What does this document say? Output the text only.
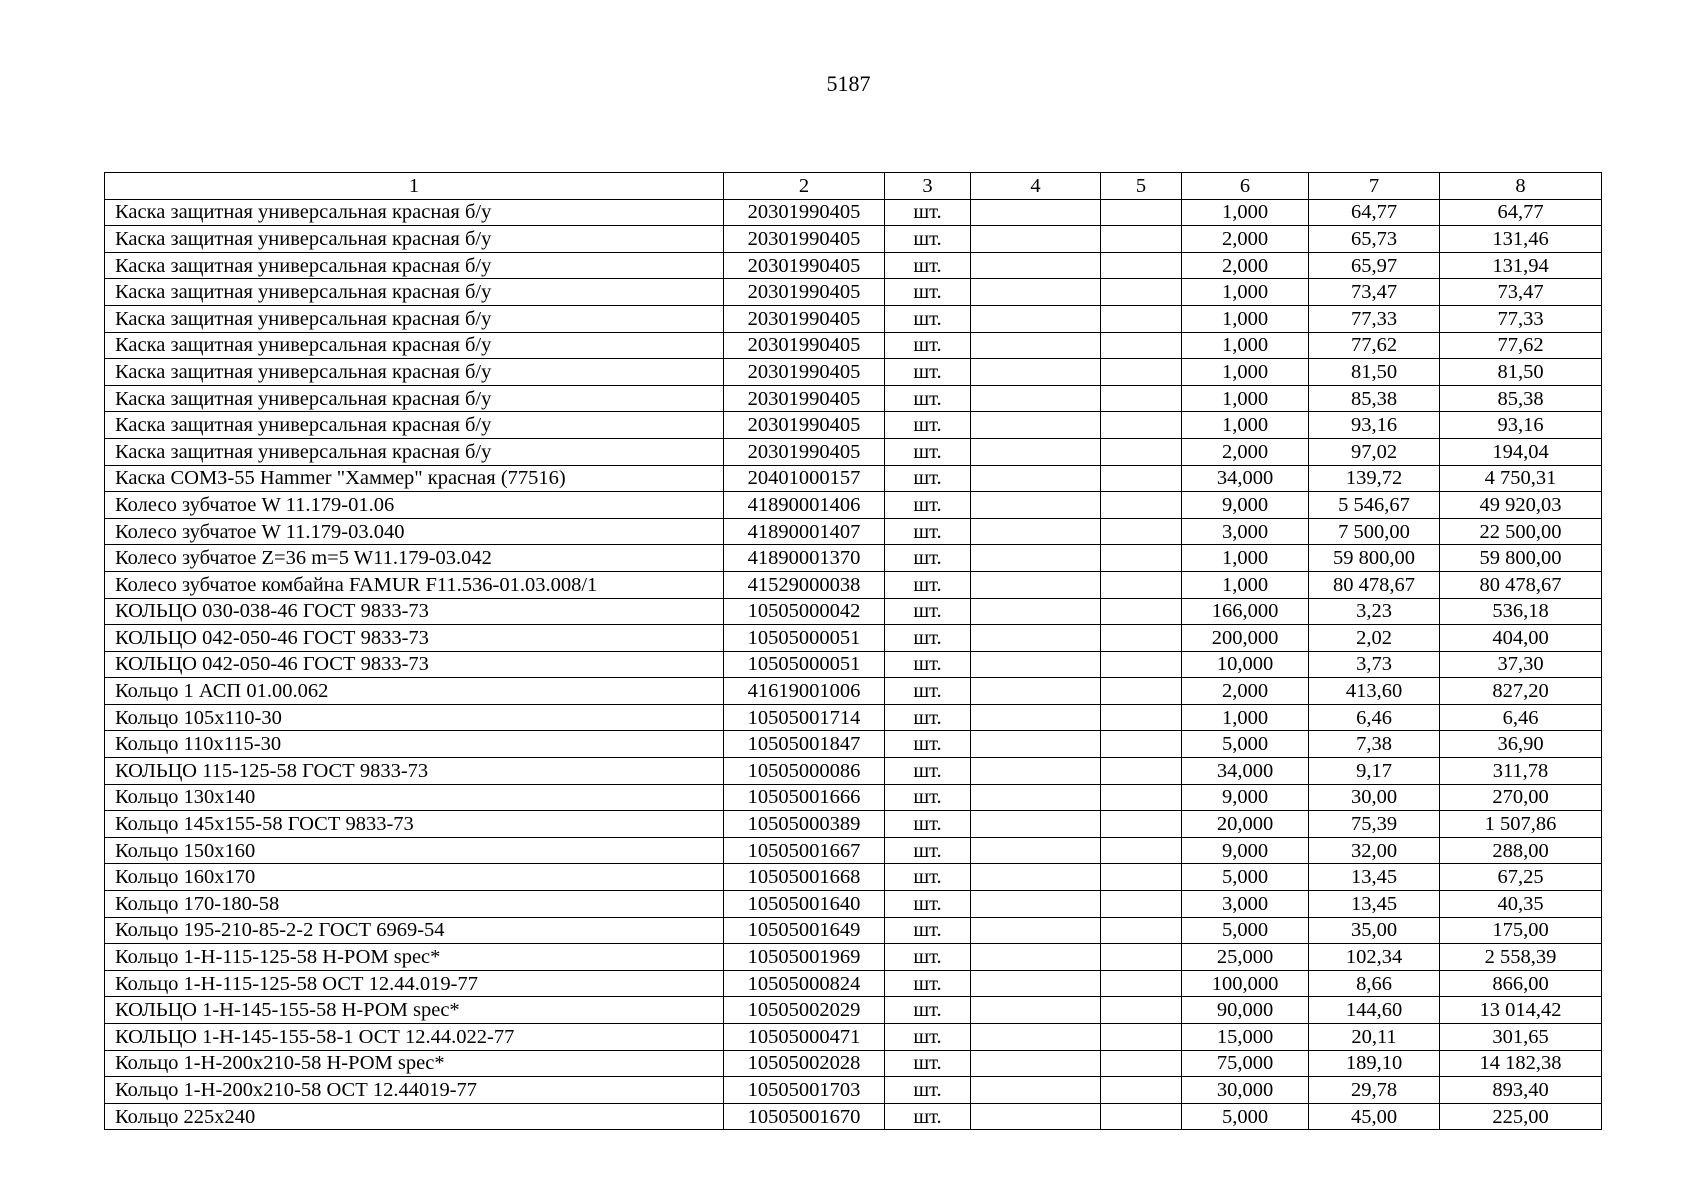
5187
1	2	3	4	5	6	7	8
Каска защитная универсальная красная б/у	20301990405	шт.			1,000	64,77	64,77
Каска защитная универсальная красная б/у	20301990405	шт.			2,000	65,73	131,46
Каска защитная универсальная красная б/у	20301990405	шт.			2,000	65,97	131,94
Каска защитная универсальная красная б/у	20301990405	шт.			1,000	73,47	73,47
Каска защитная универсальная красная б/у	20301990405	шт.			1,000	77,33	77,33
Каска защитная универсальная красная б/у	20301990405	шт.			1,000	77,62	77,62
Каска защитная универсальная красная б/у	20301990405	шт.			1,000	81,50	81,50
Каска защитная универсальная красная б/у	20301990405	шт.			1,000	85,38	85,38
Каска защитная универсальная красная б/у	20301990405	шт.			1,000	93,16	93,16
Каска защитная универсальная красная б/у	20301990405	шт.			2,000	97,02	194,04
Каска СОМЗ-55 Hammer "Хаммер" красная (77516)	20401000157	шт.			34,000	139,72	4 750,31
Колесо зубчатое W 11.179-01.06	41890001406	шт.			9,000	5 546,67	49 920,03
Колесо зубчатое W 11.179-03.040	41890001407	шт.			3,000	7 500,00	22 500,00
Колесо зубчатое Z=36 m=5 W11.179-03.042	41890001370	шт.			1,000	59 800,00	59 800,00
Колесо зубчатое комбайна FAMUR F11.536-01.03.008/1	41529000038	шт.			1,000	80 478,67	80 478,67
КОЛЬЦО 030-038-46 ГОСТ 9833-73	10505000042	шт.			166,000	3,23	536,18
КОЛЬЦО 042-050-46 ГОСТ 9833-73	10505000051	шт.			200,000	2,02	404,00
КОЛЬЦО 042-050-46 ГОСТ 9833-73	10505000051	шт.			10,000	3,73	37,30
Кольцо 1 АСП 01.00.062	41619001006	шт.			2,000	413,60	827,20
Кольцо 105х110-30	10505001714	шт.			1,000	6,46	6,46
Кольцо 110х115-30	10505001847	шт.			5,000	7,38	36,90
КОЛЬЦО 115-125-58 ГОСТ 9833-73	10505000086	шт.			34,000	9,17	311,78
Кольцо 130х140	10505001666	шт.			9,000	30,00	270,00
Кольцо 145х155-58 ГОСТ 9833-73	10505000389	шт.			20,000	75,39	1 507,86
Кольцо 150х160	10505001667	шт.			9,000	32,00	288,00
Кольцо 160х170	10505001668	шт.			5,000	13,45	67,25
Кольцо 170-180-58	10505001640	шт.			3,000	13,45	40,35
Кольцо 195-210-85-2-2 ГОСТ 6969-54	10505001649	шт.			5,000	35,00	175,00
Кольцо 1-Н-115-125-58 Н-РОМ spec*	10505001969	шт.			25,000	102,34	2 558,39
Кольцо 1-Н-115-125-58 ОСТ 12.44.019-77	10505000824	шт.			100,000	8,66	866,00
КОЛЬЦО 1-Н-145-155-58 Н-РОМ spec*	10505002029	шт.			90,000	144,60	13 014,42
КОЛЬЦО 1-Н-145-155-58-1 ОСТ 12.44.022-77	10505000471	шт.			15,000	20,11	301,65
Кольцо 1-Н-200х210-58 Н-РОМ spec*	10505002028	шт.			75,000	189,10	14 182,38
Кольцо 1-Н-200х210-58 ОСТ 12.44019-77	10505001703	шт.			30,000	29,78	893,40
Кольцо 225х240	10505001670	шт.			5,000	45,00	225,00
